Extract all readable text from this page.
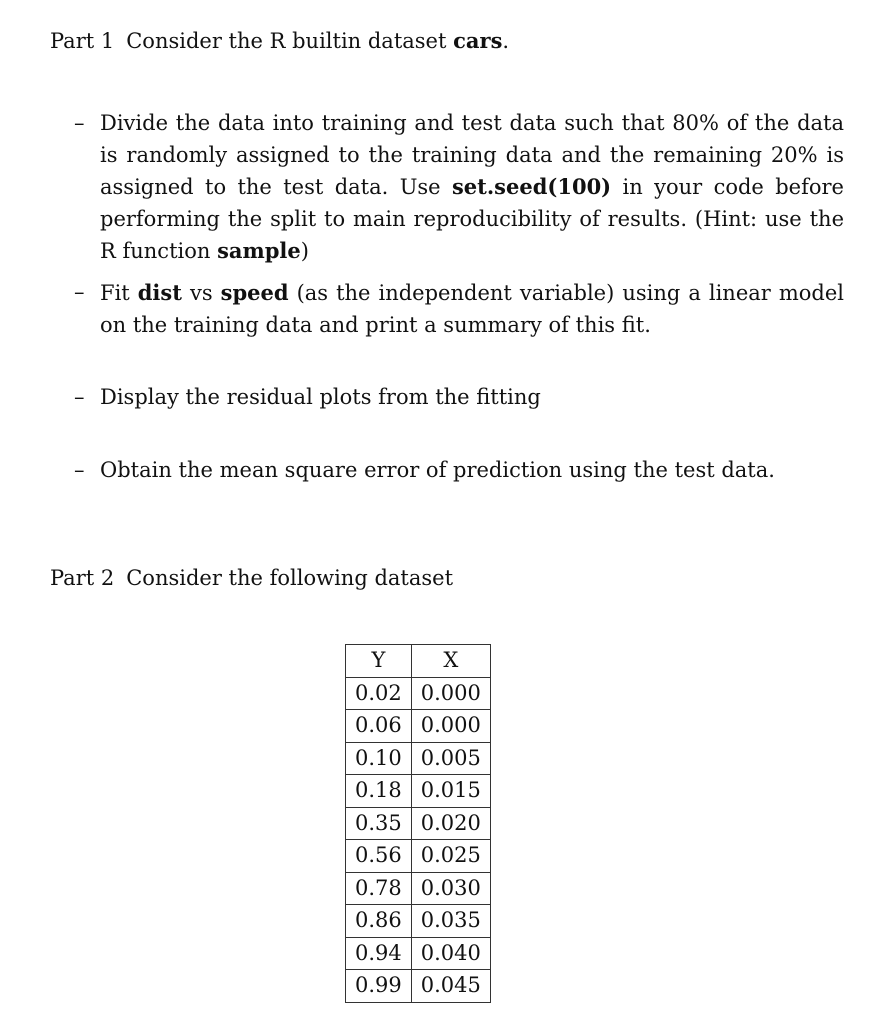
Part 1 Consider the R builtin dataset cars.
– Divide the data into training and test data such that 80% of the data is randomly assigned to the training data and the remaining 20% is assigned to the test data. Use set.seed(100) in your code before performing the split to main reproducibility of results. (Hint: use the R function sample)
– Fit dist vs speed (as the independent variable) using a linear model on the training data and print a summary of this fit.
– Display the residual plots from the fitting
– Obtain the mean square error of prediction using the test data.
Part 2 Consider the following dataset
Y	X
0.02	0.000
0.06	0.000
0.10	0.005
0.18	0.015
0.35	0.020
0.56	0.025
0.78	0.030
0.86	0.035
0.94	0.040
0.99	0.045
